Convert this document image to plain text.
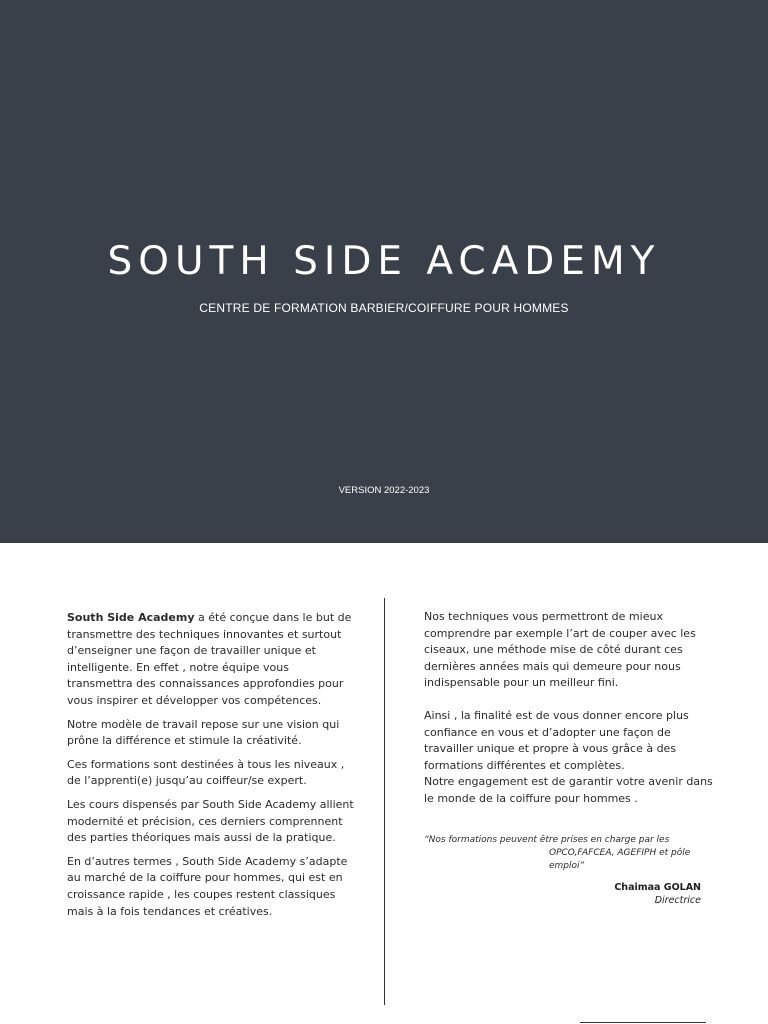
SOUTH SIDE ACADEMY
CENTRE DE FORMATION BARBIER/COIFFURE POUR HOMMES
VERSION 2022-2023

South Side Academy a été conçue dans le but de transmettre des techniques innovantes et surtout d’enseigner une façon de travailler unique et intelligente. En effet , notre équipe vous transmettra des connaissances approfondies pour vous inspirer et développer vos compétences.

Notre modèle de travail repose sur une vision qui prône la différence et stimule la créativité.

Ces formations sont destinées à tous les niveaux , de l’apprenti(e) jusqu’au coiffeur/se expert.

Les cours dispensés par South Side Academy allient modernité et précision, ces derniers comprennent des parties théoriques mais aussi de la pratique.

En d’autres termes , South Side Academy s’adapte au marché de la coiffure pour hommes, qui est en croissance rapide , les coupes restent classiques mais à la fois tendances et créatives.

Nos techniques vous permettront de mieux comprendre par exemple l’art de couper avec les ciseaux, une méthode mise de côté durant ces dernières années mais qui demeure pour nous indispensable pour un meilleur fini.

Ainsi , la finalité est de vous donner encore plus confiance en vous et d’adopter une façon de travailler unique et propre à vous grâce à des formations différentes et complètes.

Notre engagement est de garantir votre avenir dans le monde de la coiffure pour hommes .

“Nos formations peuvent être prises en charge par les
OPCO,FAFCEA, AGEFIPH et pôle emploi”
Chaimaa GOLAN
Directrice
